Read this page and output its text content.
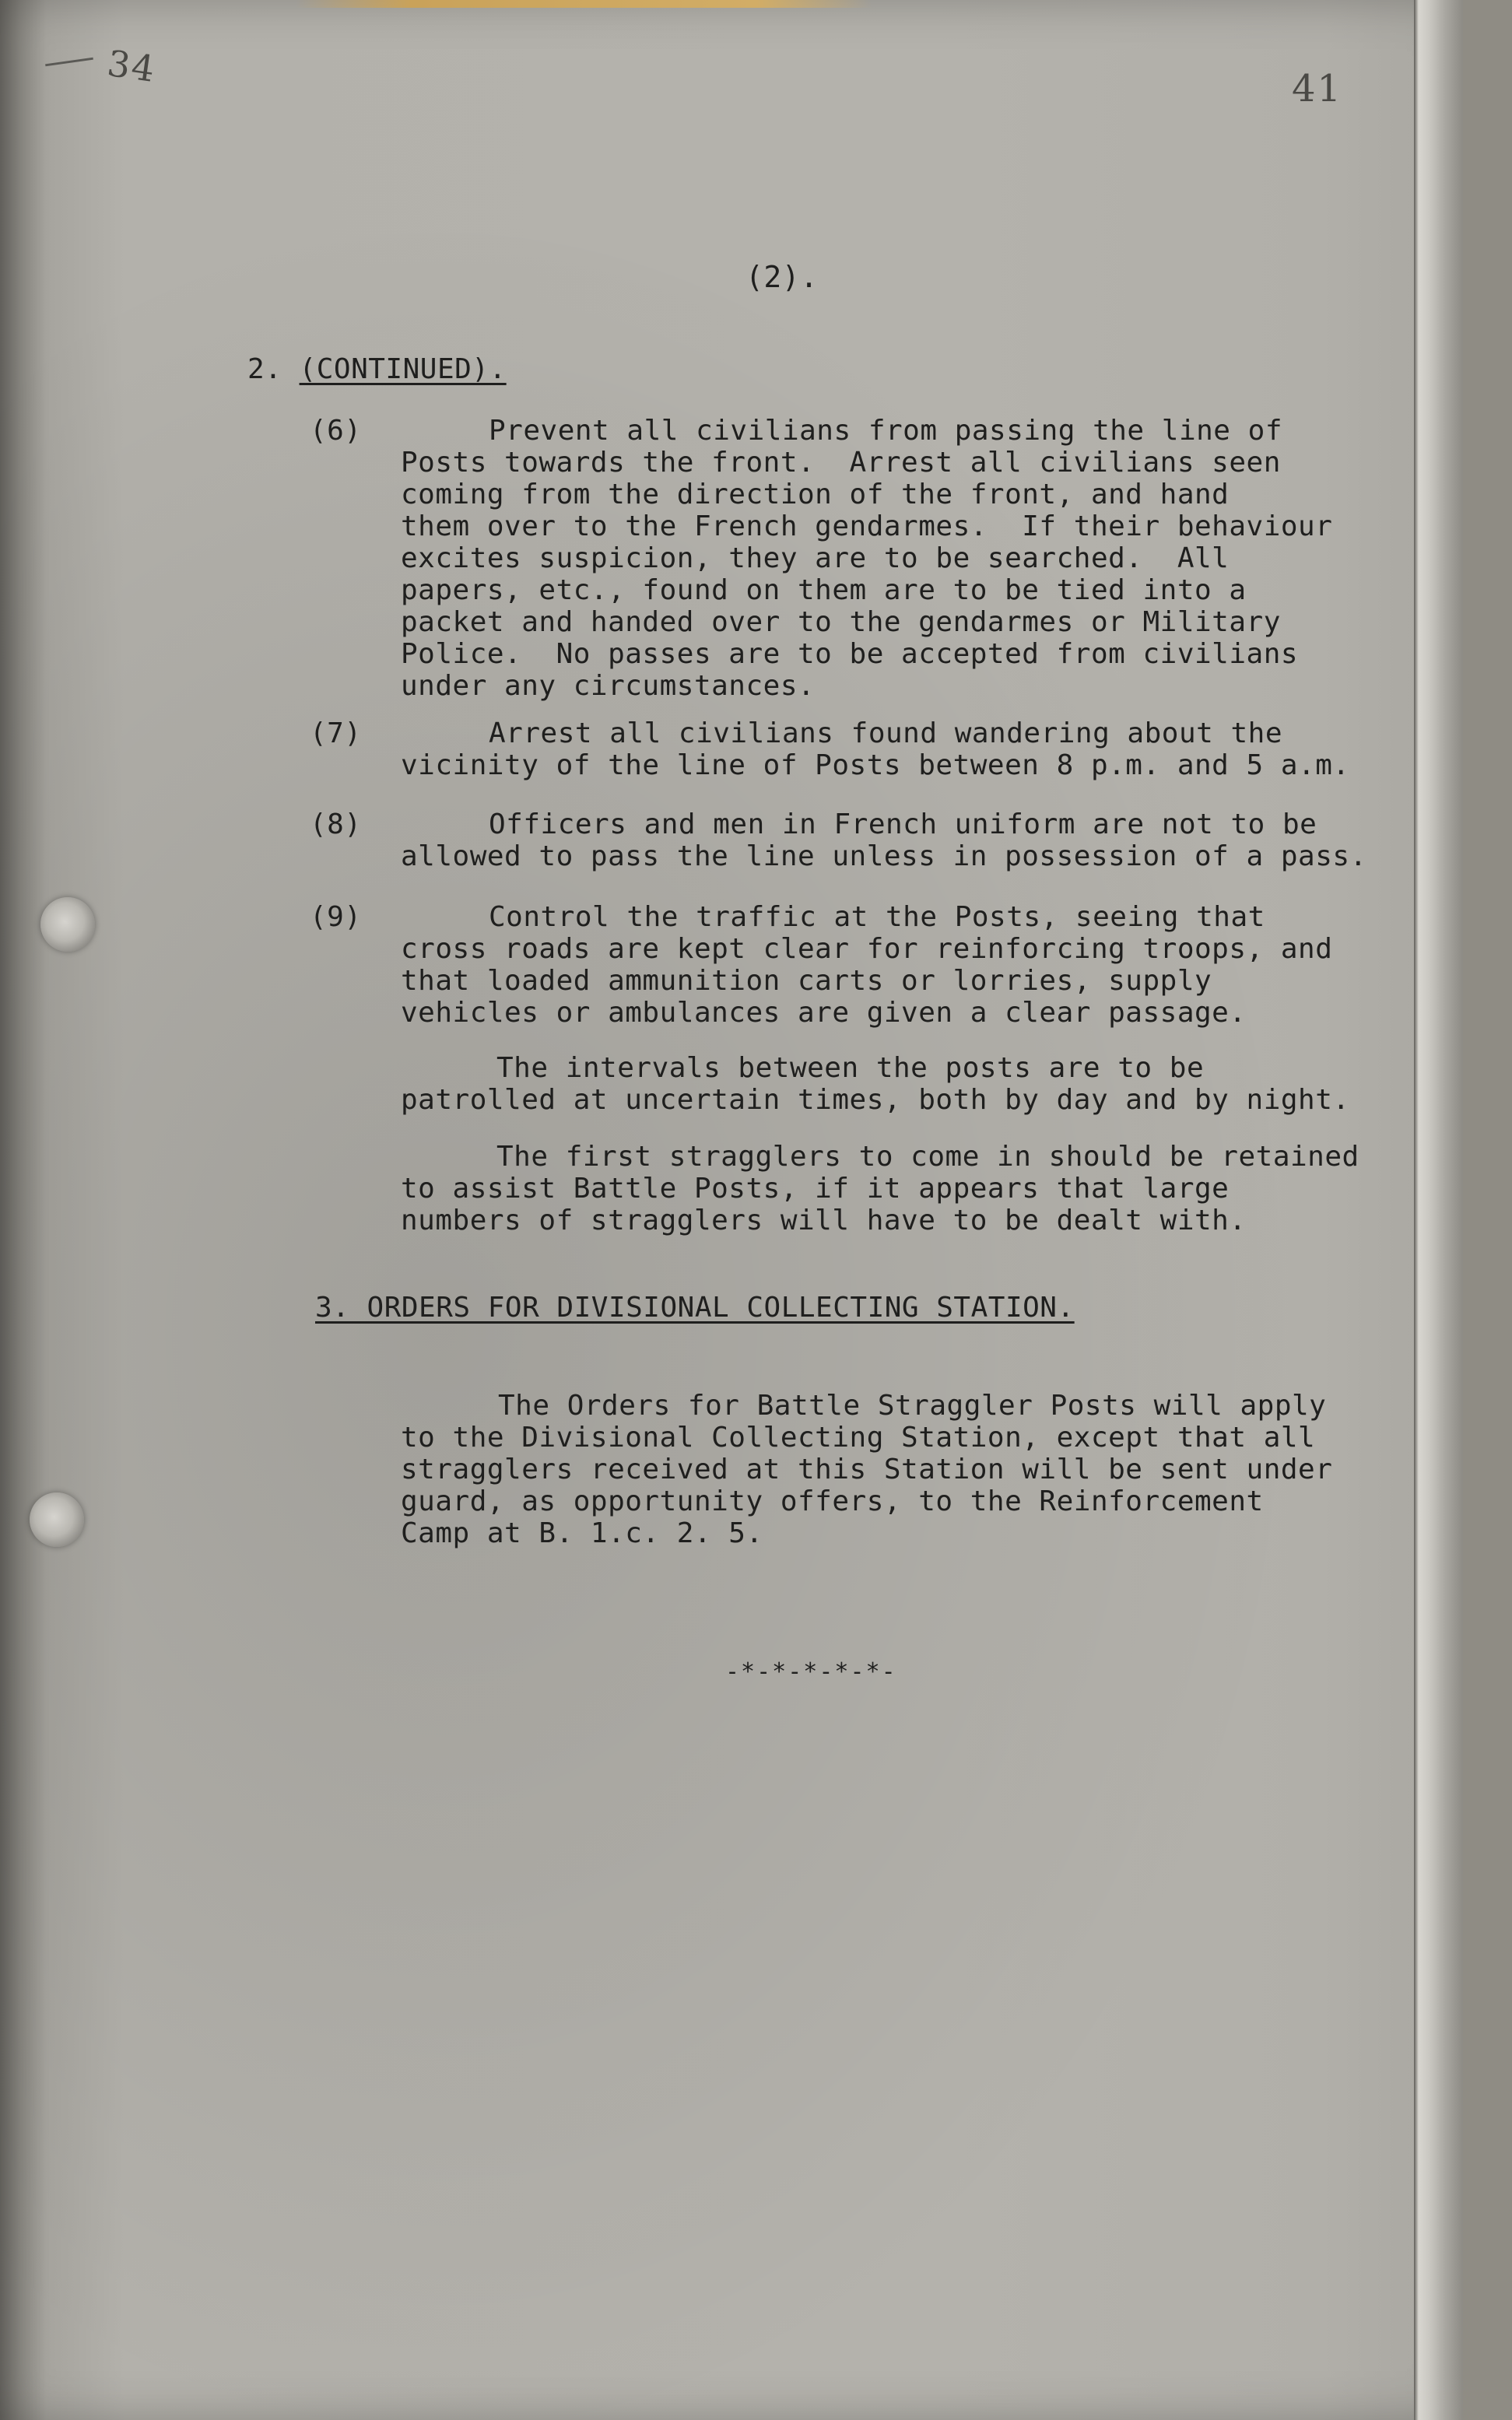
34	41
(2).
2. (CONTINUED).
(6)	Prevent all civilians from passing the line of
Posts towards the front.  Arrest all civilians seen
coming from the direction of the front, and hand
them over to the French gendarmes.  If their behaviour
excites suspicion, they are to be searched.  All
papers, etc., found on them are to be tied into a
packet and handed over to the gendarmes or Military
Police.  No passes are to be accepted from civilians
under any circumstances.
(7)	Arrest all civilians found wandering about the
vicinity of the line of Posts between 8 p.m. and 5 a.m.
(8)	Officers and men in French uniform are not to be
allowed to pass the line unless in possession of a pass.
(9)	Control the traffic at the Posts, seeing that
cross roads are kept clear for reinforcing troops, and
that loaded ammunition carts or lorries, supply
vehicles or ambulances are given a clear passage.
The intervals between the posts are to be
patrolled at uncertain times, both by day and by night.
The first stragglers to come in should be retained
to assist Battle Posts, if it appears that large
numbers of stragglers will have to be dealt with.
3. ORDERS FOR DIVISIONAL COLLECTING STATION.
The Orders for Battle Straggler Posts will apply
to the Divisional Collecting Station, except that all
stragglers received at this Station will be sent under
guard, as opportunity offers, to the Reinforcement
Camp at B. 1.c. 2. 5.
-*-*-*-*-*-
